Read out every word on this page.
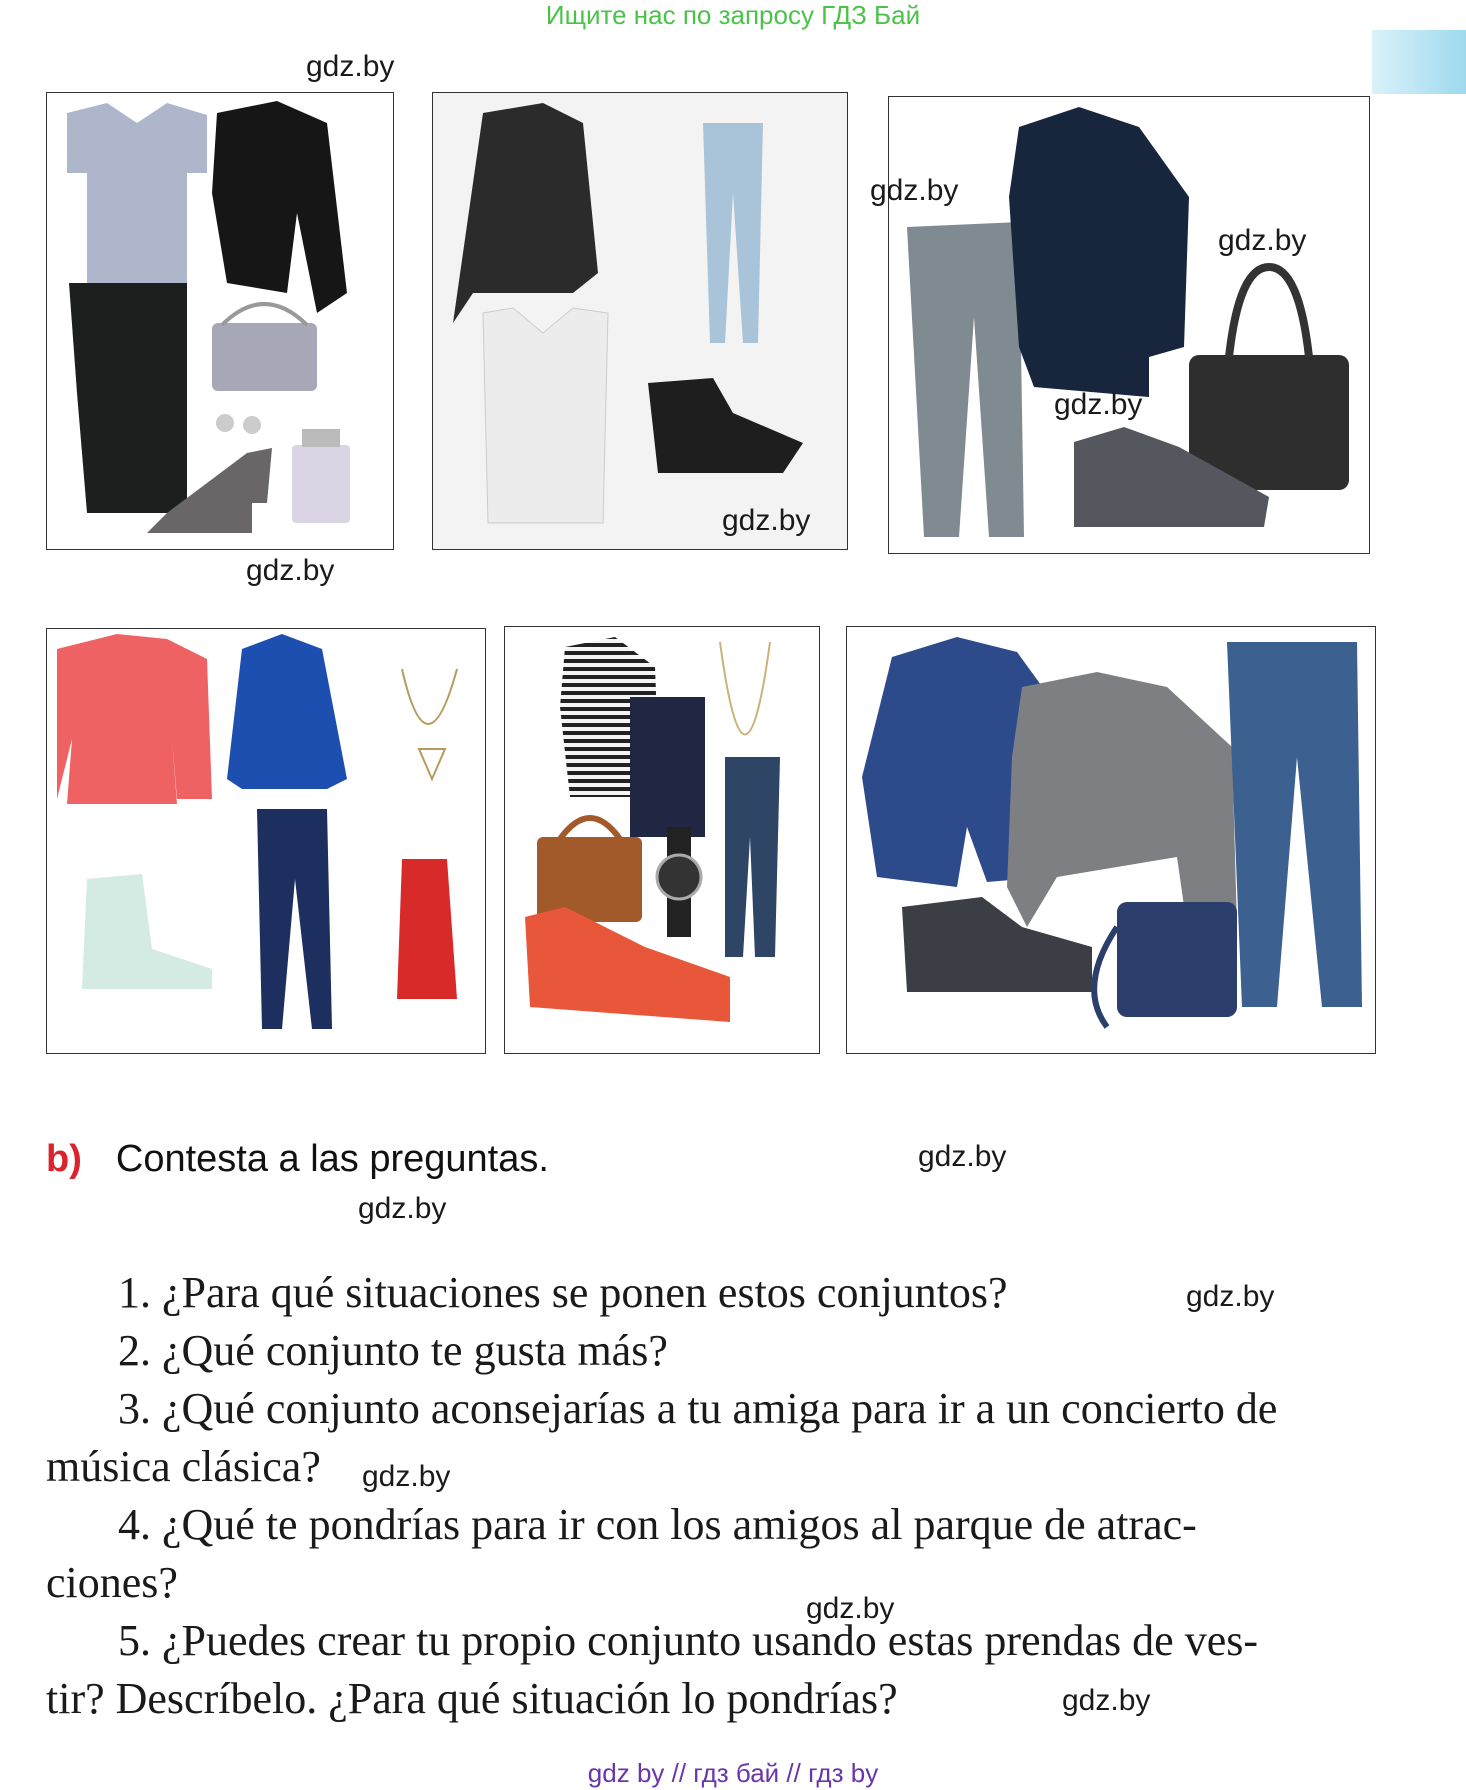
Ищите нас по запросу ГДЗ Бай
gdz.by
gdz.by
gdz.by
gdz.by
gdz.by
gdz.by
gdz.by
gdz.by
gdz.by
gdz.by
gdz.by
gdz.by
b) Contesta a las preguntas.
1. ¿Para qué situaciones se ponen estos conjuntos?
2. ¿Qué conjunto te gusta más?
3. ¿Qué conjunto aconsejarías a tu amiga para ir a un concierto de
música clásica?
4. ¿Qué te pondrías para ir con los amigos al parque de atrac-
ciones?
5. ¿Puedes crear tu propio conjunto usando estas prendas de ves-
tir? Descríbelo. ¿Para qué situación lo pondrías?
gdz by // гдз бай // гдз by
